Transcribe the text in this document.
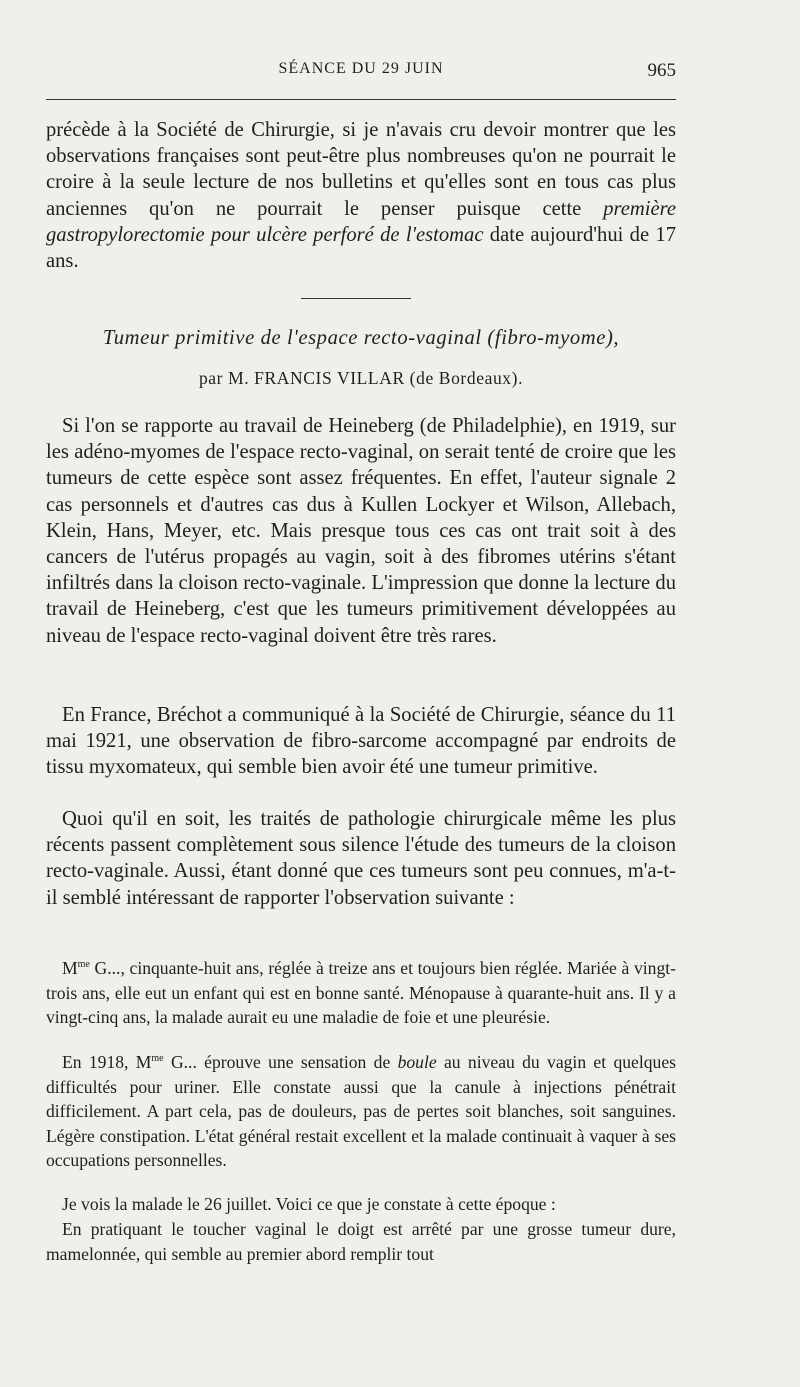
SÉANCE DU 29 JUIN	965

précède à la Société de Chirurgie, si je n'avais cru devoir montrer que les observations françaises sont peut-être plus nombreuses qu'on ne pourrait le croire à la seule lecture de nos bulletins et qu'elles sont en tous cas plus anciennes qu'on ne pourrait le penser puisque cette première gastropylorectomie pour ulcère perforé de l'estomac date aujourd'hui de 17 ans.

Tumeur primitive de l'espace recto-vaginal (fibro-myome),
par M. FRANCIS VILLAR (de Bordeaux).

Si l'on se rapporte au travail de Heineberg (de Philadelphie), en 1919, sur les adéno-myomes de l'espace recto-vaginal, on serait tenté de croire que les tumeurs de cette espèce sont assez fréquentes. En effet, l'auteur signale 2 cas personnels et d'autres cas dus à Kullen Lockyer et Wilson, Allebach, Klein, Hans, Meyer, etc. Mais presque tous ces cas ont trait soit à des cancers de l'utérus propagés au vagin, soit à des fibromes utérins s'étant infiltrés dans la cloison recto-vaginale. L'impression que donne la lecture du travail de Heineberg, c'est que les tumeurs primitivement développées au niveau de l'espace recto-vaginal doivent être très rares.

En France, Bréchot a communiqué à la Société de Chirurgie, séance du 11 mai 1921, une observation de fibro-sarcome accompagné par endroits de tissu myxomateux, qui semble bien avoir été une tumeur primitive.

Quoi qu'il en soit, les traités de pathologie chirurgicale même les plus récents passent complètement sous silence l'étude des tumeurs de la cloison recto-vaginale. Aussi, étant donné que ces tumeurs sont peu connues, m'a-t-il semblé intéressant de rapporter l'observation suivante :

$M^{me}$ G..., cinquante-huit ans, réglée à treize ans et toujours bien réglée. Mariée à vingt-trois ans, elle eut un enfant qui est en bonne santé. Ménopause à quarante-huit ans. Il y a vingt-cinq ans, la malade aurait eu une maladie de foie et une pleurésie.

En 1918, $M^{me}$ G... éprouve une sensation de boule au niveau du vagin et quelques difficultés pour uriner. Elle constate aussi que la canule à injections pénétrait difficilement. A part cela, pas de douleurs, pas de pertes soit blanches, soit sanguines. Légère constipation. L'état général restait excellent et la malade continuait à vaquer à ses occupations personnelles.

Je vois la malade le 26 juillet. Voici ce que je constate à cette époque :

En pratiquant le toucher vaginal le doigt est arrêté par une grosse tumeur dure, mamelonnée, qui semble au premier abord remplir tout
